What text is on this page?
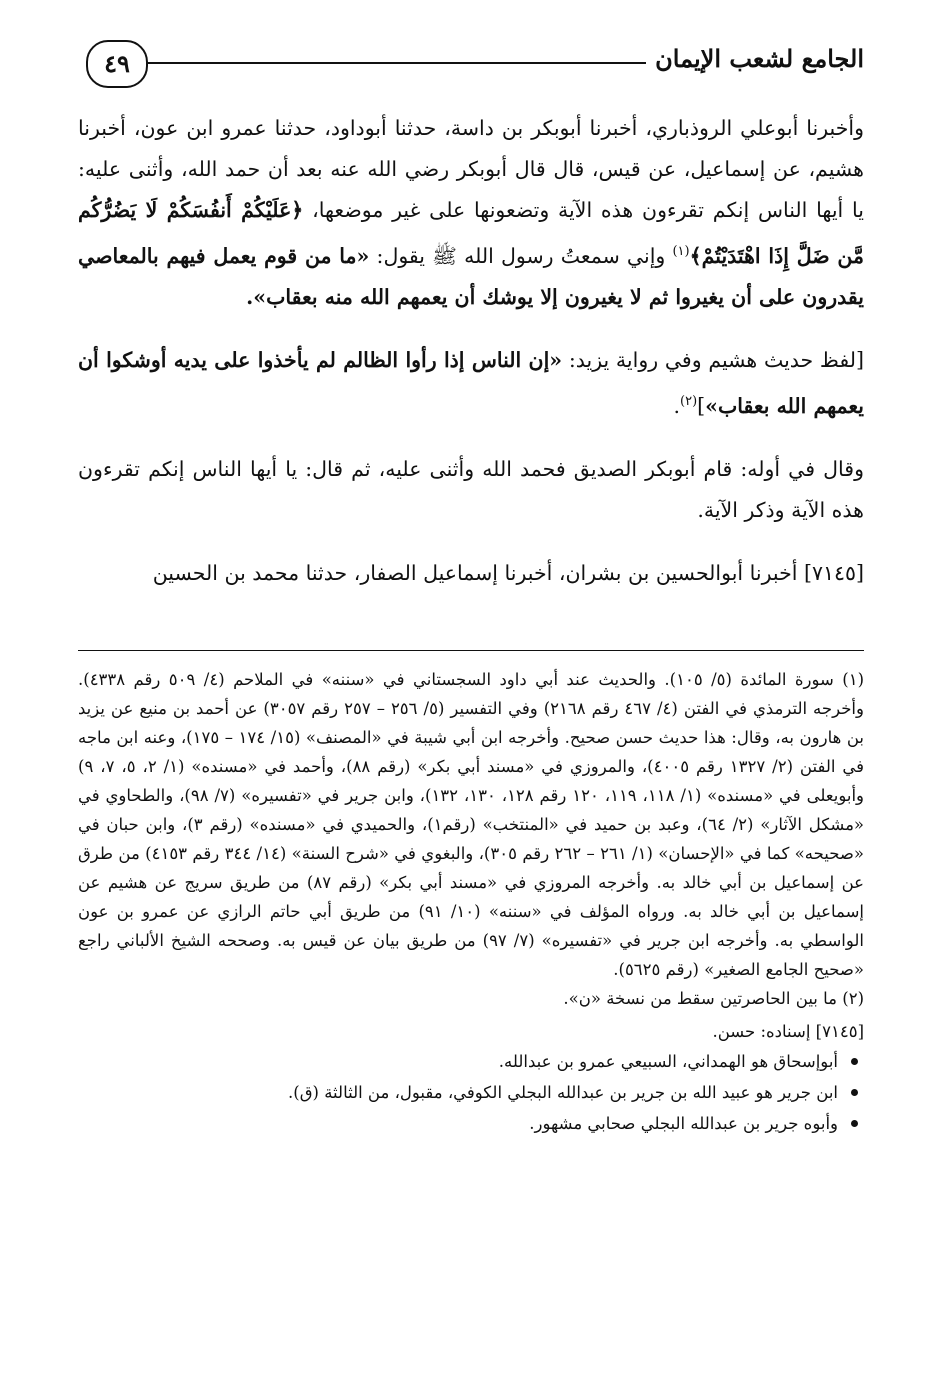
الجامع لشعب الإيمان
٤٩

وأخبرنا أبوعلي الروذباري، أخبرنا أبوبكر بن داسة، حدثنا أبوداود، حدثنا عمرو ابن عون، أخبرنا هشيم، عن إسماعيل، عن قيس، قال قال أبوبكر رضي الله عنه بعد أن حمد الله، وأثنى عليه: يا أيها الناس إنكم تقرءون هذه الآية وتضعونها على غير موضعها، ﴿عَلَيْكُمْ أَنفُسَكُمْ لَا يَضُرُّكُم مَّن ضَلَّ إِذَا اهْتَدَيْتُمْ﴾$^{(١)}$ وإني سمعتُ رسول الله ﷺ يقول: «ما من قوم يعمل فيهم بالمعاصي يقدرون على أن يغيروا ثم لا يغيرون إلا يوشك أن يعمهم الله منه بعقاب».

[لفظ حديث هشيم وفي رواية يزيد: «إن الناس إذا رأوا الظالم لم يأخذوا على يديه أوشكوا أن يعمهم الله بعقاب»]$^{(٢)}$.

وقال في أوله: قام أبوبكر الصديق فحمد الله وأثنى عليه، ثم قال: يا أيها الناس إنكم تقرءون هذه الآية وذكر الآية.

[٧١٤٥] أخبرنا أبوالحسين بن بشران، أخبرنا إسماعيل الصفار، حدثنا محمد بن الحسين

(١) سورة المائدة (٥/ ١٠٥). والحديث عند أبي داود السجستاني في «سننه» في الملاحم (٤/ ٥٠٩ رقم ٤٣٣٨). وأخرجه الترمذي في الفتن (٤/ ٤٦٧ رقم ٢١٦٨) وفي التفسير (٥/ ٢٥٦ – ٢٥٧ رقم ٣٠٥٧) عن أحمد بن منيع عن يزيد بن هارون به، وقال: هذا حديث حسن صحيح. وأخرجه ابن أبي شيبة في «المصنف» (١٥/ ١٧٤ – ١٧٥)، وعنه ابن ماجه في الفتن (٢/ ١٣٢٧ رقم ٤٠٠٥)، والمروزي في «مسند أبي بكر» (رقم ٨٨)، وأحمد في «مسنده» (١/ ٢، ٥، ٧، ٩) وأبويعلى في «مسنده» (١/ ١١٨، ١١٩، ١٢٠ رقم ١٢٨، ١٣٠، ١٣٢)، وابن جرير في «تفسيره» (٧/ ٩٨)، والطحاوي في «مشكل الآثار» (٢/ ٦٤)، وعبد بن حميد في «المنتخب» (رقم١)، والحميدي في «مسنده» (رقم ٣)، وابن حبان في «صحيحه» كما في «الإحسان» (١/ ٢٦١ – ٢٦٢ رقم ٣٠٥)، والبغوي في «شرح السنة» (١٤/ ٣٤٤ رقم ٤١٥٣) من طرق عن إسماعيل بن أبي خالد به. وأخرجه المروزي في «مسند أبي بكر» (رقم ٨٧) من طريق سريج عن هشيم عن إسماعيل بن أبي خالد به. ورواه المؤلف في «سننه» (١٠/ ٩١) من طريق أبي حاتم الرازي عن عمرو بن عون الواسطي به. وأخرجه ابن جرير في «تفسيره» (٧/ ٩٧) من طريق بيان عن قيس به. وصححه الشيخ الألباني راجع «صحيح الجامع الصغير» (رقم ٥٦٢٥).

(٢) ما بين الحاصرتين سقط من نسخة «ن».

[٧١٤٥] إسناده: حسن.

أبوإسحاق هو الهمداني، السبيعي عمرو بن عبدالله.

ابن جرير هو عبيد الله بن جرير بن عبدالله البجلي الكوفي، مقبول، من الثالثة (ق).

وأبوه جرير بن عبدالله البجلي صحابي مشهور.
